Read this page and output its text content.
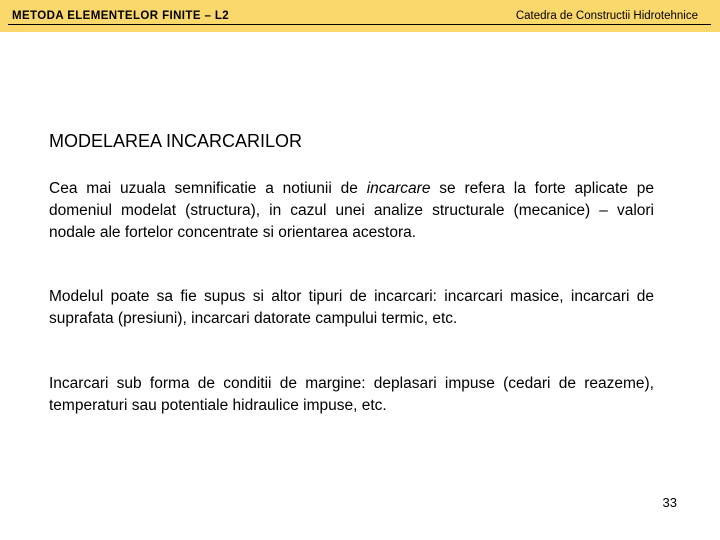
METODA ELEMENTELOR FINITE – L2	Catedra de Constructii Hidrotehnice
MODELAREA INCARCARILOR

Cea mai uzuala semnificatie a notiunii de incarcare se refera la forte aplicate pe domeniul modelat (structura), in cazul unei analize structurale (mecanice) – valori nodale ale fortelor concentrate si orientarea acestora.

Modelul poate sa fie supus si altor tipuri de incarcari: incarcari masice, incarcari de suprafata (presiuni), incarcari datorate campului termic, etc.

Incarcari sub forma de conditii de margine: deplasari impuse (cedari de reazeme), temperaturi sau potentiale hidraulice impuse, etc.

33
